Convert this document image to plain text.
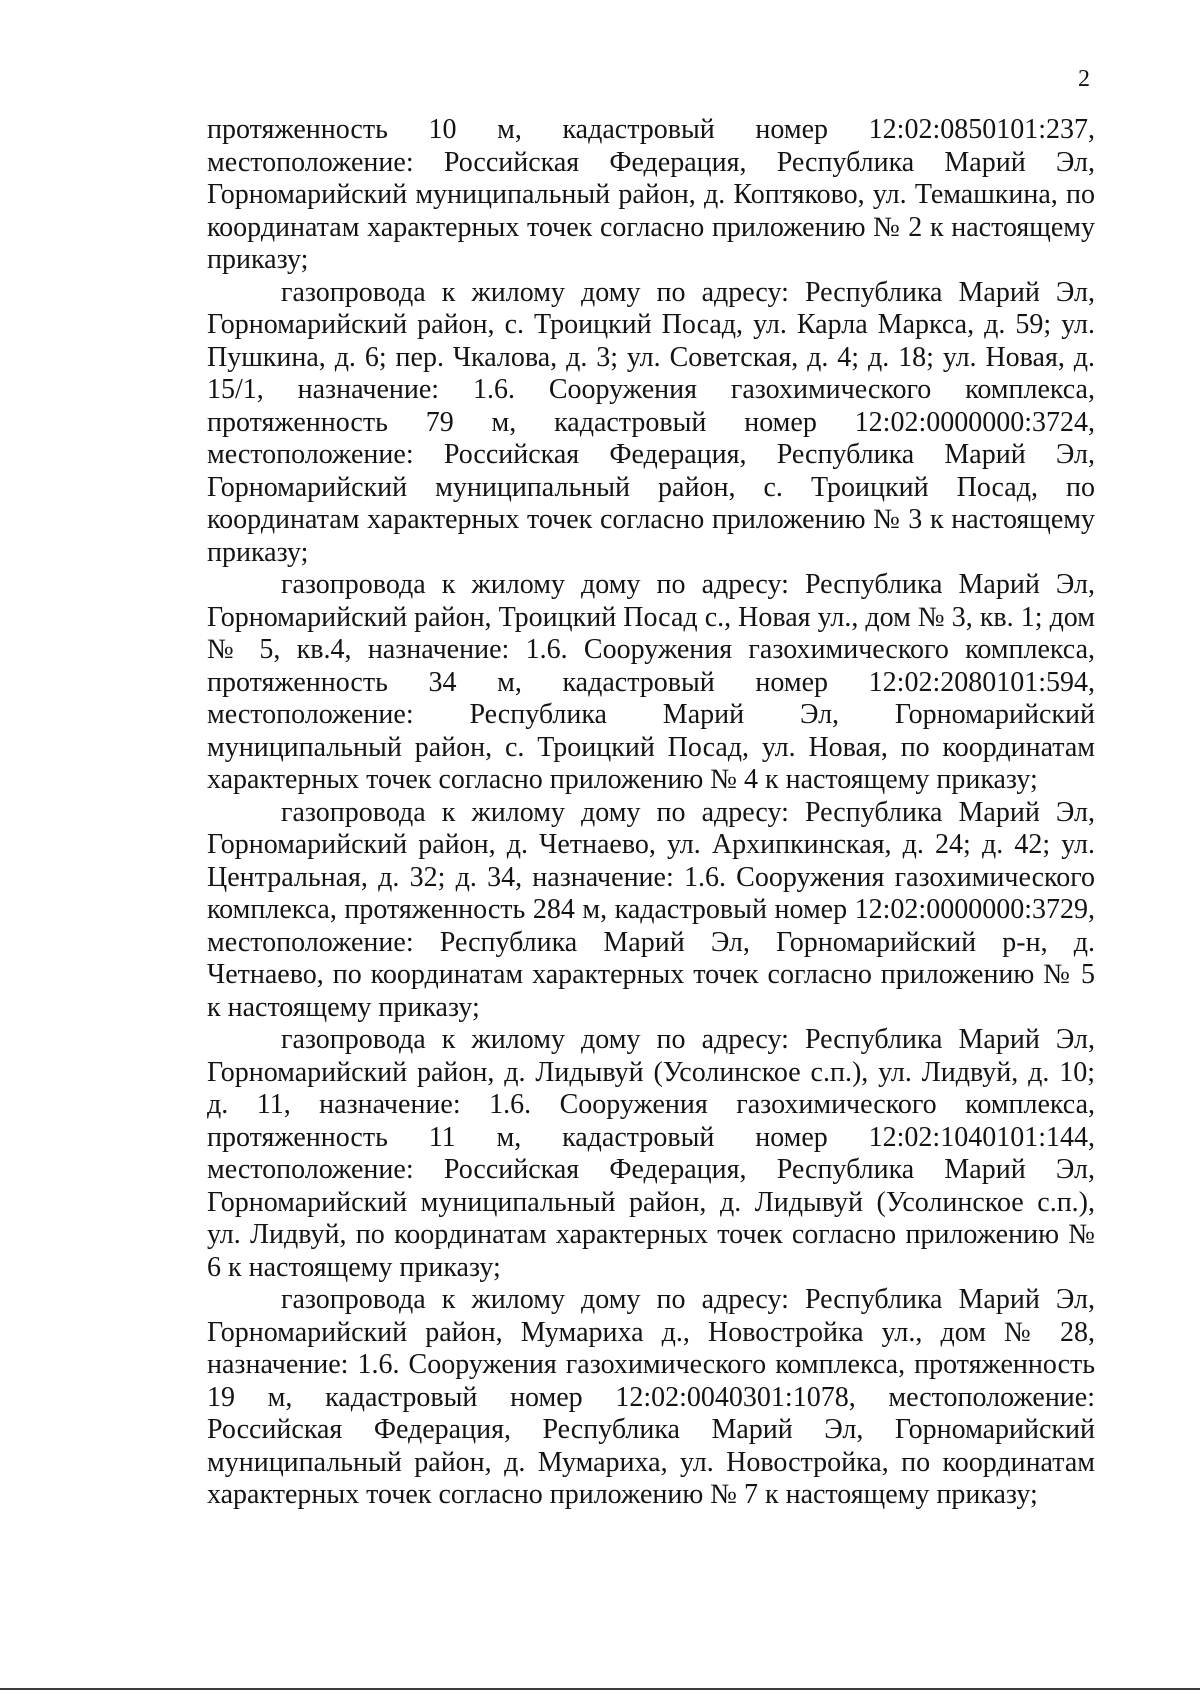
2

протяженность 10 м, кадастровый номер 12:02:0850101:237, местоположение: Российская Федерация, Республика Марий Эл, Горномарийский муниципальный район, д. Коптяково, ул. Темашкина, по координатам характерных точек согласно приложению № 2 к настоящему приказу;

газопровода к жилому дому по адресу: Республика Марий Эл, Горномарийский район, с. Троицкий Посад, ул. Карла Маркса, д. 59; ул. Пушкина, д. 6; пер. Чкалова, д. 3; ул. Советская, д. 4; д. 18; ул. Новая, д. 15/1, назначение: 1.6. Сооружения газохимического комплекса, протяженность 79 м, кадастровый номер 12:02:0000000:3724, местоположение: Российская Федерация, Республика Марий Эл, Горномарийский муниципальный район, с. Троицкий Посад, по координатам характерных точек согласно приложению № 3 к настоящему приказу;

газопровода к жилому дому по адресу: Республика Марий Эл, Горномарийский район, Троицкий Посад с., Новая ул., дом № 3, кв. 1; дом № 5, кв.4, назначение: 1.6. Сооружения газохимического комплекса, протяженность 34 м, кадастровый номер 12:02:2080101:594, местоположение: Республика Марий Эл, Горномарийский муниципальный район, с. Троицкий Посад, ул. Новая, по координатам характерных точек согласно приложению № 4 к настоящему приказу;

газопровода к жилому дому по адресу: Республика Марий Эл, Горномарийский район, д. Четнаево, ул. Архипкинская, д. 24; д. 42; ул. Центральная, д. 32; д. 34, назначение: 1.6. Сооружения газохимического комплекса, протяженность 284 м, кадастровый номер 12:02:0000000:3729, местоположение: Республика Марий Эл, Горномарийский р-н, д. Четнаево, по координатам характерных точек согласно приложению № 5 к настоящему приказу;

газопровода к жилому дому по адресу: Республика Марий Эл, Горномарийский район, д. Лидывуй (Усолинское с.п.), ул. Лидвуй, д. 10; д. 11, назначение: 1.6. Сооружения газохимического комплекса, протяженность 11 м, кадастровый номер 12:02:1040101:144, местоположение: Российская Федерация, Республика Марий Эл, Горномарийский муниципальный район, д. Лидывуй (Усолинское с.п.), ул. Лидвуй, по координатам характерных точек согласно приложению № 6 к настоящему приказу;

газопровода к жилому дому по адресу: Республика Марий Эл, Горномарийский район, Мумариха д., Новостройка ул., дом № 28, назначение: 1.6. Сооружения газохимического комплекса, протяженность 19 м, кадастровый номер 12:02:0040301:1078, местоположение: Российская Федерация, Республика Марий Эл, Горномарийский муниципальный район, д. Мумариха, ул. Новостройка, по координатам характерных точек согласно приложению № 7 к настоящему приказу;
